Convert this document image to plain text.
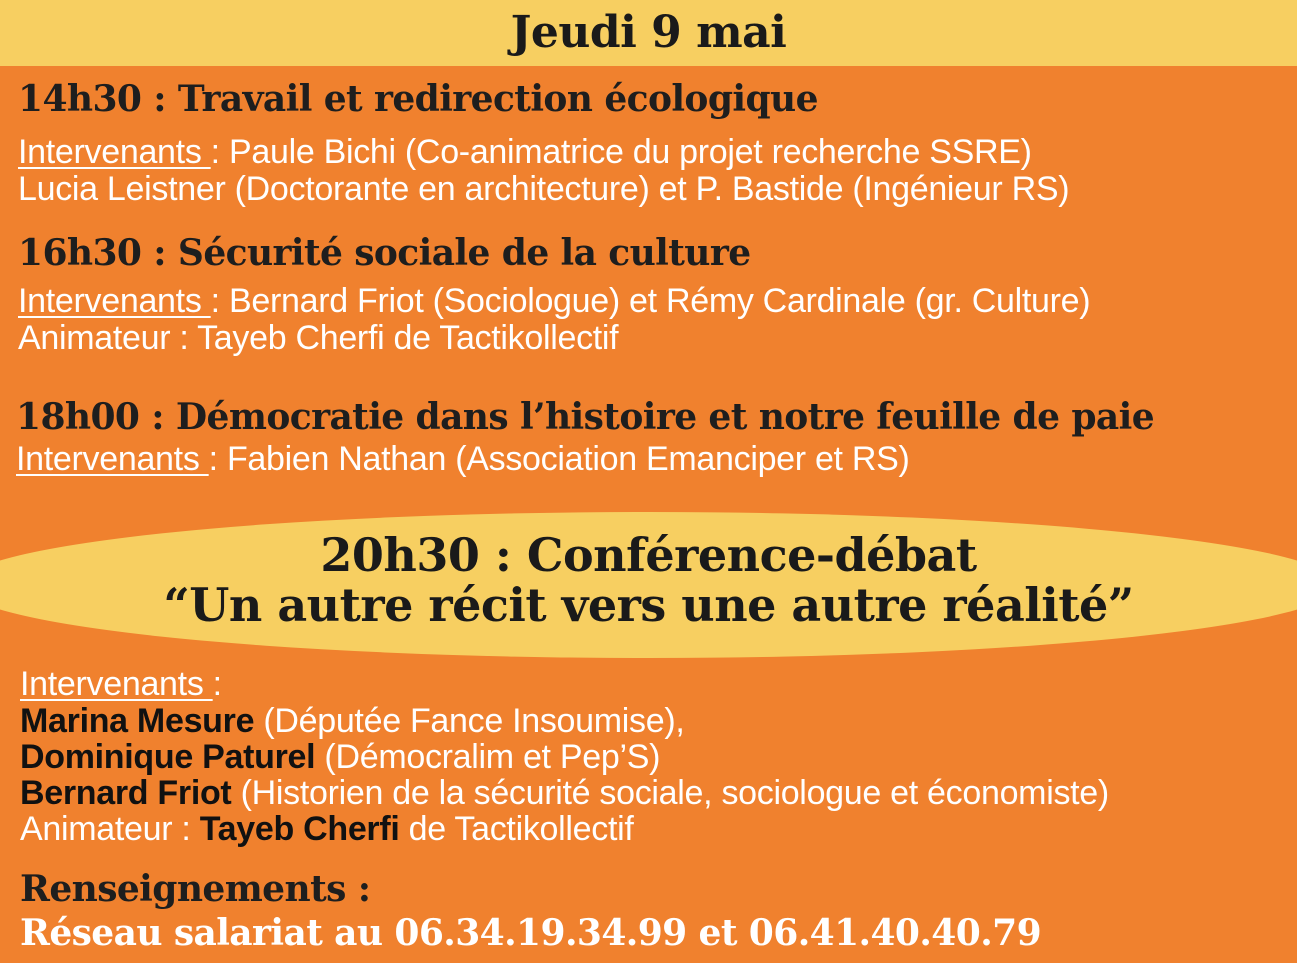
Jeudi 9 mai
14h30 : Travail et redirection écologique
Intervenants : Paule Bichi (Co-animatrice du projet recherche SSRE)
Lucia Leistner (Doctorante en architecture) et P. Bastide (Ingénieur RS)
16h30 : Sécurité sociale de la culture
Intervenants : Bernard Friot (Sociologue) et Rémy Cardinale (gr. Culture)
Animateur : Tayeb Cherfi de Tactikollectif
18h00 : Démocratie dans l’histoire et notre feuille de paie
Intervenants : Fabien Nathan (Association Emanciper et RS)
20h30 : Conférence-débat
“Un autre récit vers une autre réalité”
Intervenants :
Marina Mesure (Députée Fance Insoumise),
Dominique Paturel (Démocralim et Pep’S)
Bernard Friot (Historien de la sécurité sociale, sociologue et économiste)
Animateur : Tayeb Cherfi de Tactikollectif
Renseignements :
Réseau salariat au 06.34.19.34.99 et 06.41.40.40.79
